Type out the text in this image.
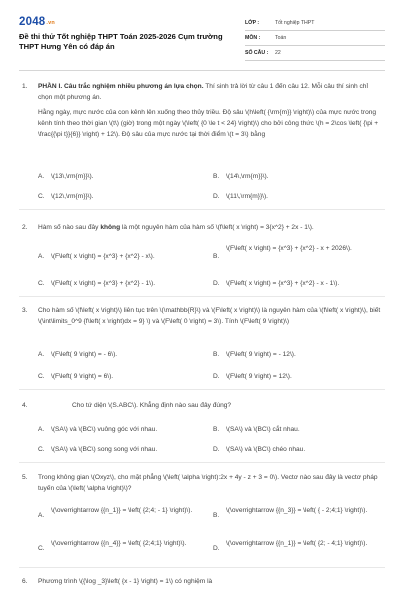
2048.vn
Đề thi thử Tốt nghiệp THPT Toán 2025-2026 Cụm trường THPT Hưng Yên có đáp án
LỚP :	Tốt nghiệp THPT
MÔN :	Toán
SỐ CÂU :	22
1.	PHẦN I. Câu trắc nghiệm nhiều phương án lựa chọn. Thí sinh trả lời từ câu 1 đến câu 12. Mỗi câu thí sinh chỉ chọn một phương án.
Hằng ngày, mực nước của con kênh lên xuống theo thủy triều. Độ sâu \(h\left( {\rm{m}} \right)\) của mực nước trong kênh tính theo thời gian \(t\) (giờ) trong một ngày \(\left( {0 \le t < 24} \right)\) cho bởi công thức \(h = 2\cos \left( {\pi + \frac{{\pi t}}{6}} \right) + 12\). Độ sâu của mực nước tại thời điểm \(t = 3\) bằng
A.	\(13\,\rm{m}}\).	B.	\(14\,\rm{m}}\).
C. \(12\,\rm{m}}\).	D. \(11\,\rm{m}}\).
2.	Hàm số nào sau đây không là một nguyên hàm của hàm số \(f\left( x \right) = 3{x^2} + 2x - 1\).
A.	\(F\left( x \right) = {x^3} + {x^2} - x\).	B.
\(F\left( x \right) = {x^3} + {x^2} - x + 2026\).
C. \(F\left( x \right) = {x^3} + {x^2} - 1\).	D. \(F\left( x \right) = {x^3} + {x^2} - x - 1\).
3.	Cho hàm số \(f\left( x \right)\) liên tục trên \(\mathbb{R}\) và \(F\left( x \right)\) là nguyên hàm của \(f\left( x \right)\), biết \(\int\limits_0^9 {f\left( x \right)dx = 9} \) và \(F\left( 0 \right) = 3\). Tính \(F\left( 9 \right)\)
A.	\(F\left( 9 \right) = - 6\).	B.	\(F\left( 9 \right) = - 12\).
C. \(F\left( 9 \right) = 6\).	D. \(F\left( 9 \right) = 12\).
4.	Cho tứ diện \(S.ABC\). Khẳng định nào sau đây đúng?
A.	\(SA\) và \(BC\) vuông góc với nhau.	B.	\(SA\) và \(BC\) cắt nhau.
C. \(SA\) và \(BC\) song song với nhau.	D. \(SA\) và \(BC\) chéo nhau.
5.	Trong không gian \(Oxyz\), cho mặt phẳng \(\left( \alpha \right):2x + 4y - z + 3 = 0\). Vectơ nào sau đây là vectơ pháp tuyến của \(\left( \alpha \right)\)?
A.
\(\overrightarrow {{n_1}} = \left( {2;4; - 1} \right)\).
B.
\(\overrightarrow {{n_3}} = \left( { - 2;4;1} \right)\).
C.
\(\overrightarrow {{n_4}} = \left( {2;4;1} \right)\).
D.
\(\overrightarrow {{n_1}} = \left( {2; - 4;1} \right)\).
6.	Phương trình \({\log _3}\left( {x - 1} \right) = 1\) có nghiệm là
